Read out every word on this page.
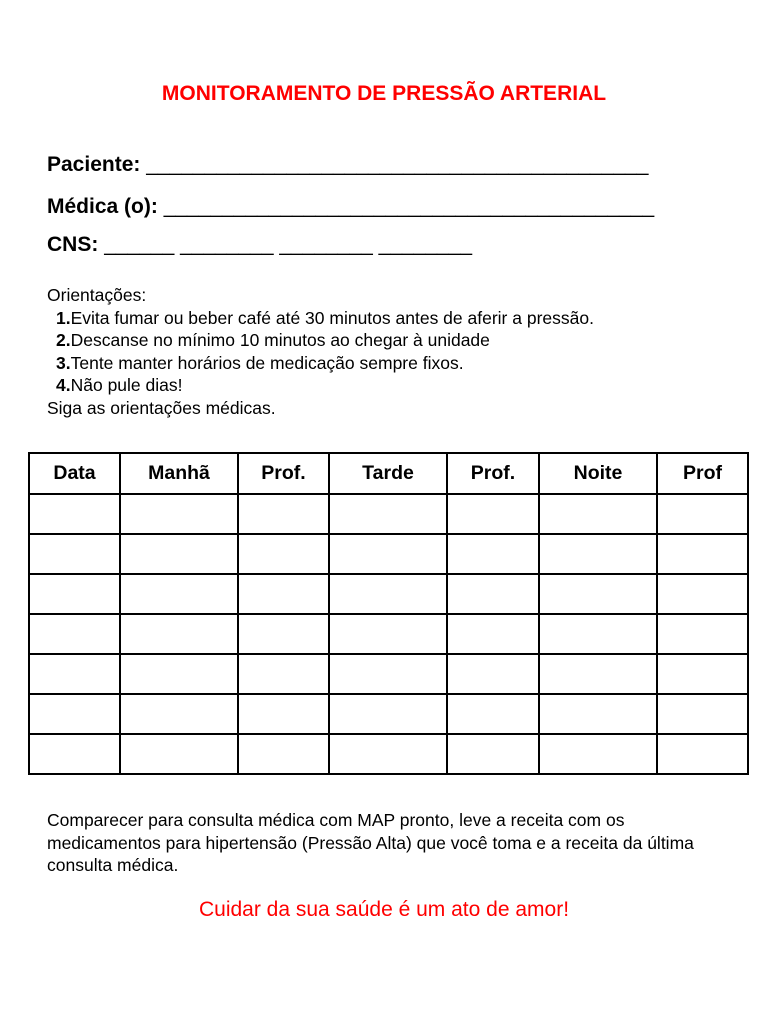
MONITORAMENTO DE PRESSÃO ARTERIAL
Paciente: ___________________________________________
Médica (o): __________________________________________
CNS: ______ ________ ________ ________
Orientações:
1.Evita fumar ou beber café até 30 minutos antes de aferir a pressão.
2.Descanse no mínimo 10 minutos ao chegar à unidade
3.Tente manter horários de medicação sempre fixos.
4.Não pule dias!
Siga as orientações médicas.
Data	Manhã	Prof.	Tarde	Prof.	Noite	Prof

Comparecer para consulta médica com MAP pronto, leve a receita com os medicamentos para hipertensão (Pressão Alta) que você toma e a receita da última consulta médica.
Cuidar da sua saúde é um ato de amor!
